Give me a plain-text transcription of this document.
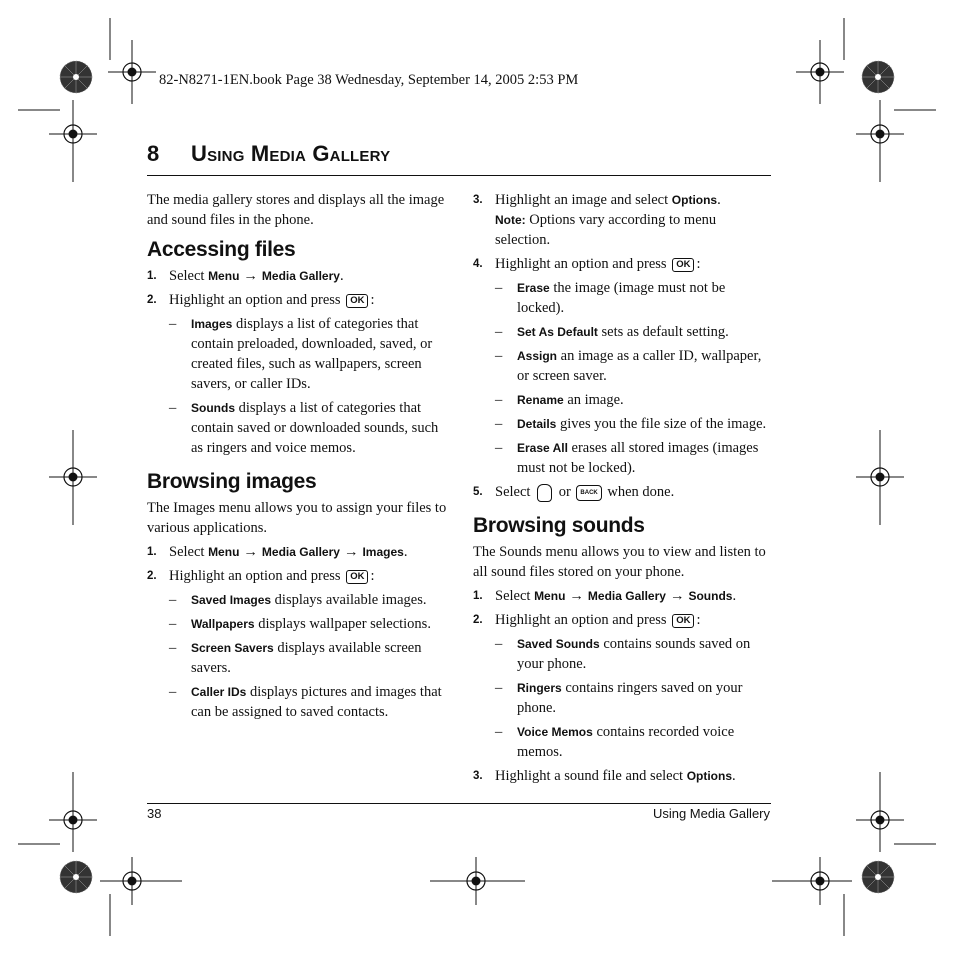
82-N8271-1EN.book Page 38 Wednesday, September 14, 2005 2:53 PM
8 Using Media Gallery

The media gallery stores and displays all the image and sound files in the phone.

Accessing files
1. Select Menu → Media Gallery.
2. Highlight an option and press OK :
– Images displays a list of categories that contain preloaded, downloaded, saved, or created files, such as wallpapers, screen savers, or caller IDs.
– Sounds displays a list of categories that contain saved or downloaded sounds, such as ringers and voice memos.
Browsing images

The Images menu allows you to assign your files to various applications.

1. Select Menu → Media Gallery → Images.
2. Highlight an option and press OK :
– Saved Images displays available images.
– Wallpapers displays wallpaper selections.
– Screen Savers displays available screen savers.
– Caller IDs displays pictures and images that can be assigned to saved contacts.
3. Highlight an image and select Options.
Note: Options vary according to menu selection.
4. Highlight an option and press OK :
– Erase the image (image must not be locked).
– Set As Default sets as default setting.
– Assign an image as a caller ID, wallpaper, or screen saver.
– Rename an image.
– Details gives you the file size of the image.
– Erase All erases all stored images (images must not be locked).
5. Select or BACK when done.
Browsing sounds

The Sounds menu allows you to view and listen to all sound files stored on your phone.

1. Select Menu → Media Gallery → Sounds.
2. Highlight an option and press OK :
– Saved Sounds contains sounds saved on your phone.
– Ringers contains ringers saved on your phone.
– Voice Memos contains recorded voice memos.
3. Highlight a sound file and select Options.
38	Using Media Gallery
